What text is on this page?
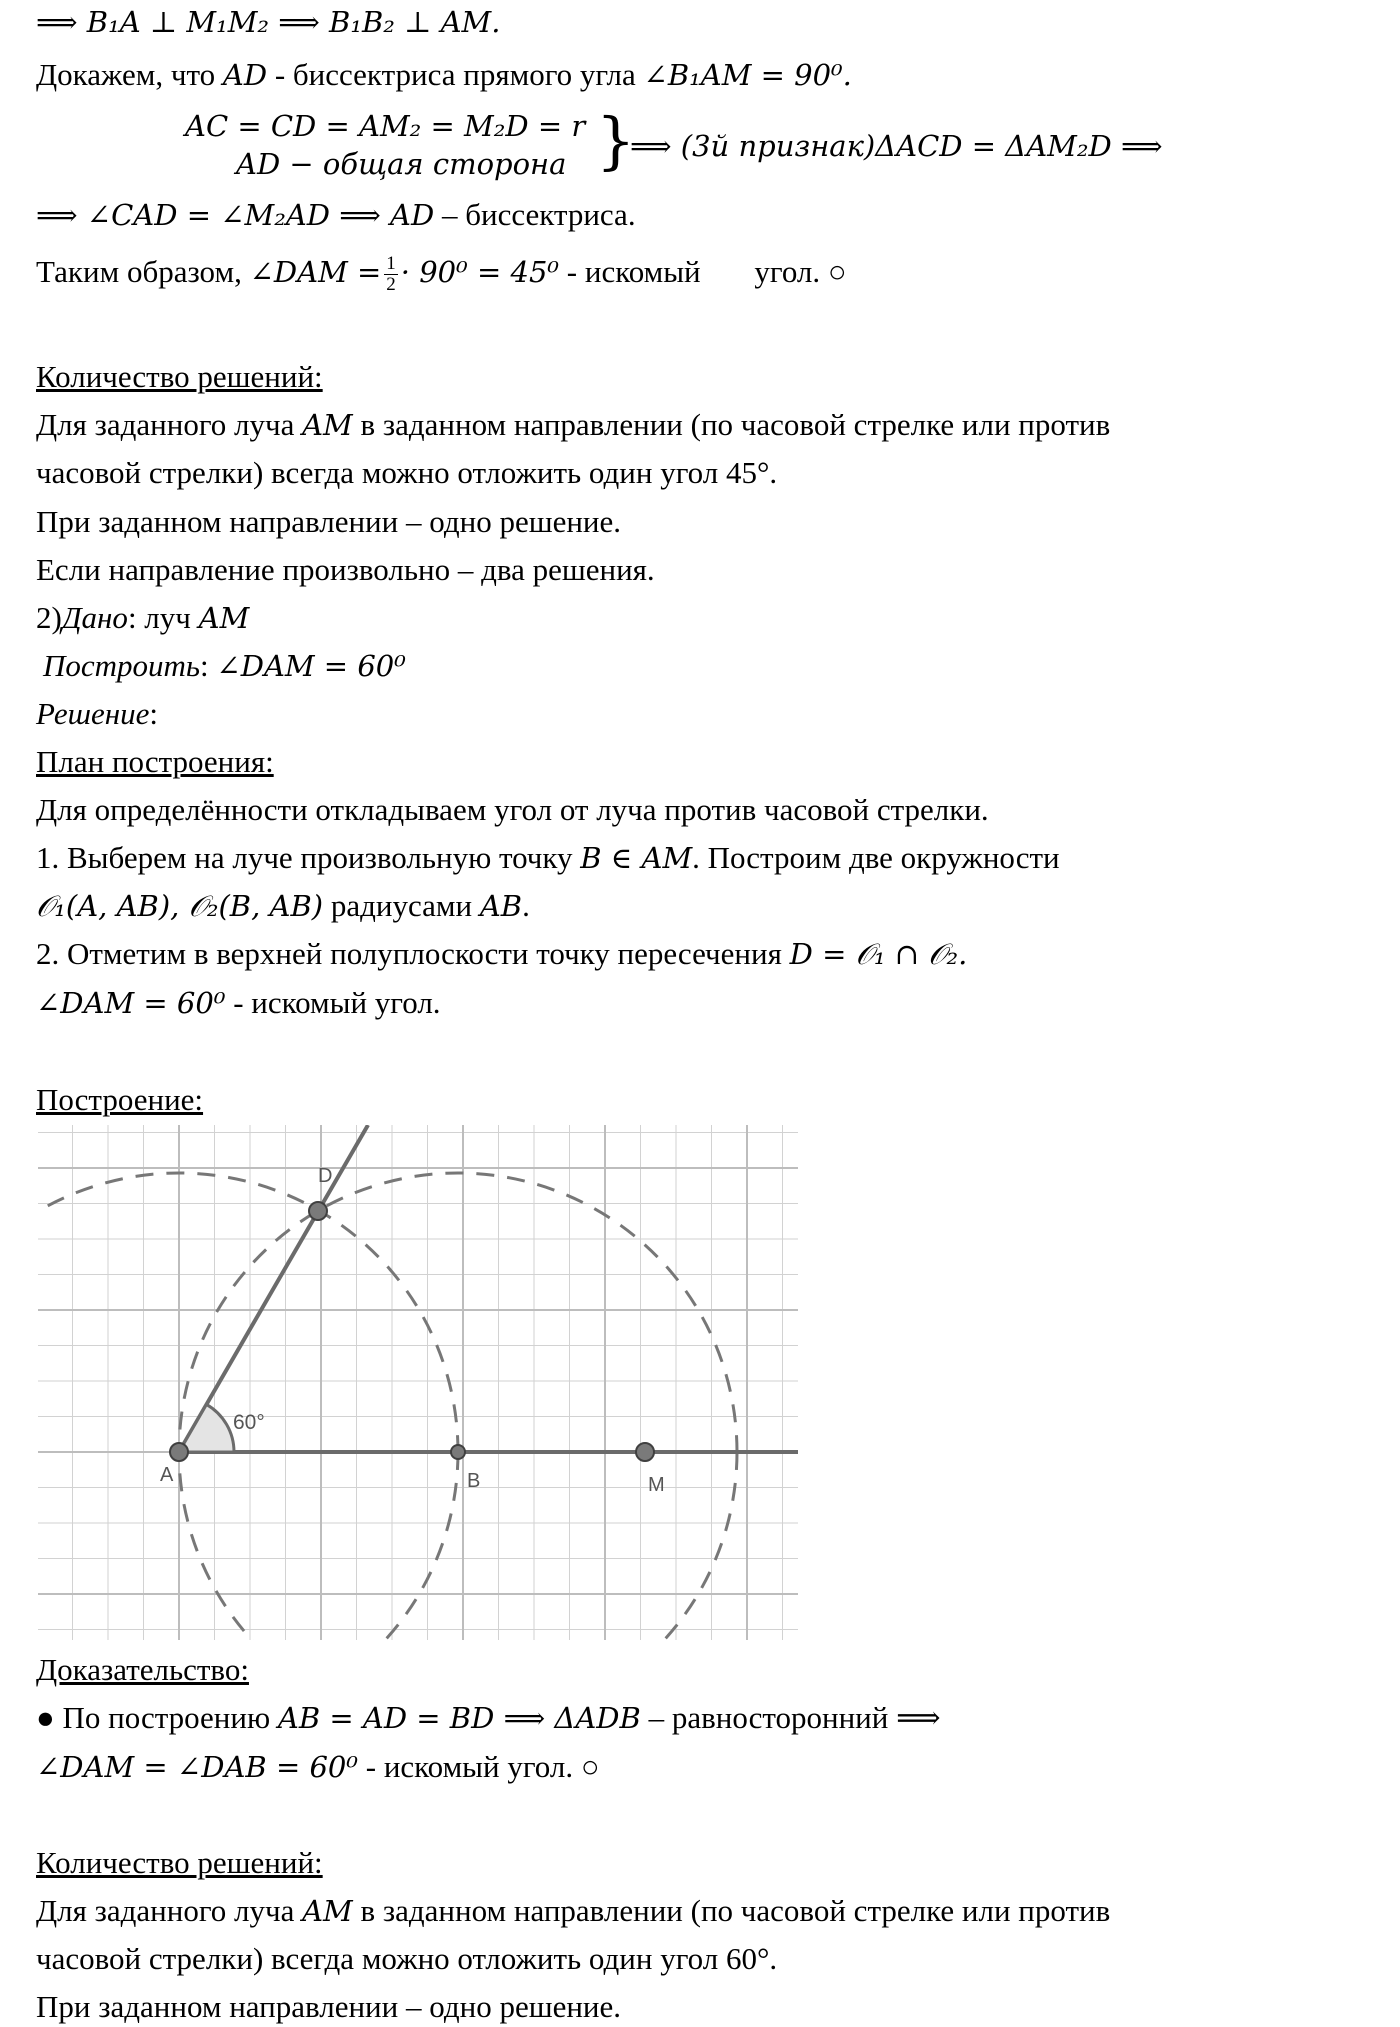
⟹ B₁A ⊥ M₁M₂ ⟹ B₁B₂ ⊥ AM.
Докажем, что AD - биссектриса прямого угла ∠B₁AM = 90⁰.
AC = CD = AM₂ = M₂D = r
AD − общая сторона }
⟹ (3й признак)ΔACD = ΔAM₂D ⟹
⟹ ∠CAD = ∠M₂AD ⟹ AD – биссектриса.
Таким образом, ∠DAM = $\frac{1}{2} \cdot 90^0 = 45^0$ - искомый угол. ○
Количество решений:
Для заданного луча AM в заданном направлении (по часовой стрелке или против
часовой стрелки) всегда можно отложить один угол 45°.
При заданном направлении – одно решение.
Если направление произвольно – два решения.
2)Дано: луч AM
Построить: ∠DAM = 60⁰
Решение:
План построения:
Для определённости откладываем угол от луча против часовой стрелки.
1. Выберем на луче произвольную точку B ∈ AM. Построим две окружности
𝒪₁(A, AB), 𝒪₂(B, AB) радиусами AB.
2. Отметим в верхней полуплоскости точку пересечения D = 𝒪₁ ∩ 𝒪₂.
∠DAM = 60⁰ - искомый угол.
Построение:
60°
A	B	M
D
Доказательство:
● По построению AB = AD = BD ⟹ ΔADB – равносторонний ⟹
∠DAM = ∠DAB = 60⁰ - искомый угол. ○
Количество решений:
Для заданного луча AM в заданном направлении (по часовой стрелке или против
часовой стрелки) всегда можно отложить один угол 60°.
При заданном направлении – одно решение.
